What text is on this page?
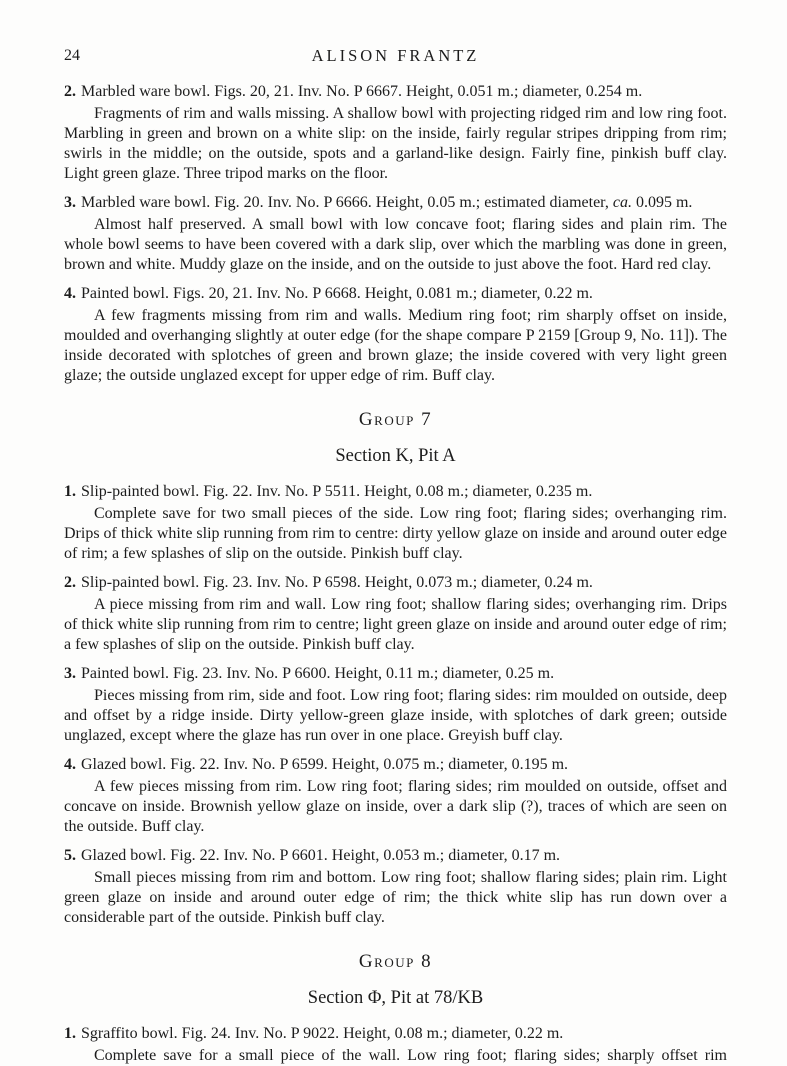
24	ALISON FRANTZ

2. Marbled ware bowl. Figs. 20, 21. Inv. No. P 6667. Height, 0.051 m.; diameter, 0.254 m.

Fragments of rim and walls missing. A shallow bowl with projecting ridged rim and low ring foot. Marbling in green and brown on a white slip: on the inside, fairly regular stripes dripping from rim; swirls in the middle; on the outside, spots and a garland-like design. Fairly fine, pinkish buff clay. Light green glaze. Three tripod marks on the floor.

3. Marbled ware bowl. Fig. 20. Inv. No. P 6666. Height, 0.05 m.; estimated diameter, ca. 0.095 m.

Almost half preserved. A small bowl with low concave foot; flaring sides and plain rim. The whole bowl seems to have been covered with a dark slip, over which the marbling was done in green, brown and white. Muddy glaze on the inside, and on the outside to just above the foot. Hard red clay.

4. Painted bowl. Figs. 20, 21. Inv. No. P 6668. Height, 0.081 m.; diameter, 0.22 m.

A few fragments missing from rim and walls. Medium ring foot; rim sharply offset on inside, moulded and overhanging slightly at outer edge (for the shape compare P 2159 [Group 9, No. 11]). The inside decorated with splotches of green and brown glaze; the inside covered with very light green glaze; the outside unglazed except for upper edge of rim. Buff clay.

Group 7
Section K, Pit A

1. Slip-painted bowl. Fig. 22. Inv. No. P 5511. Height, 0.08 m.; diameter, 0.235 m.

Complete save for two small pieces of the side. Low ring foot; flaring sides; overhanging rim. Drips of thick white slip running from rim to centre: dirty yellow glaze on inside and around outer edge of rim; a few splashes of slip on the outside. Pinkish buff clay.

2. Slip-painted bowl. Fig. 23. Inv. No. P 6598. Height, 0.073 m.; diameter, 0.24 m.

A piece missing from rim and wall. Low ring foot; shallow flaring sides; overhanging rim. Drips of thick white slip running from rim to centre; light green glaze on inside and around outer edge of rim; a few splashes of slip on the outside. Pinkish buff clay.

3. Painted bowl. Fig. 23. Inv. No. P 6600. Height, 0.11 m.; diameter, 0.25 m.

Pieces missing from rim, side and foot. Low ring foot; flaring sides: rim moulded on outside, deep and offset by a ridge inside. Dirty yellow-green glaze inside, with splotches of dark green; outside unglazed, except where the glaze has run over in one place. Greyish buff clay.

4. Glazed bowl. Fig. 22. Inv. No. P 6599. Height, 0.075 m.; diameter, 0.195 m.

A few pieces missing from rim. Low ring foot; flaring sides; rim moulded on outside, offset and concave on inside. Brownish yellow glaze on inside, over a dark slip (?), traces of which are seen on the outside. Buff clay.

5. Glazed bowl. Fig. 22. Inv. No. P 6601. Height, 0.053 m.; diameter, 0.17 m.

Small pieces missing from rim and bottom. Low ring foot; shallow flaring sides; plain rim. Light green glaze on inside and around outer edge of rim; the thick white slip has run down over a considerable part of the outside. Pinkish buff clay.

Group 8
Section Φ, Pit at 78/KB

1. Sgraffito bowl. Fig. 24. Inv. No. P 9022. Height, 0.08 m.; diameter, 0.22 m.

Complete save for a small piece of the wall. Low ring foot; flaring sides; sharply offset rim
